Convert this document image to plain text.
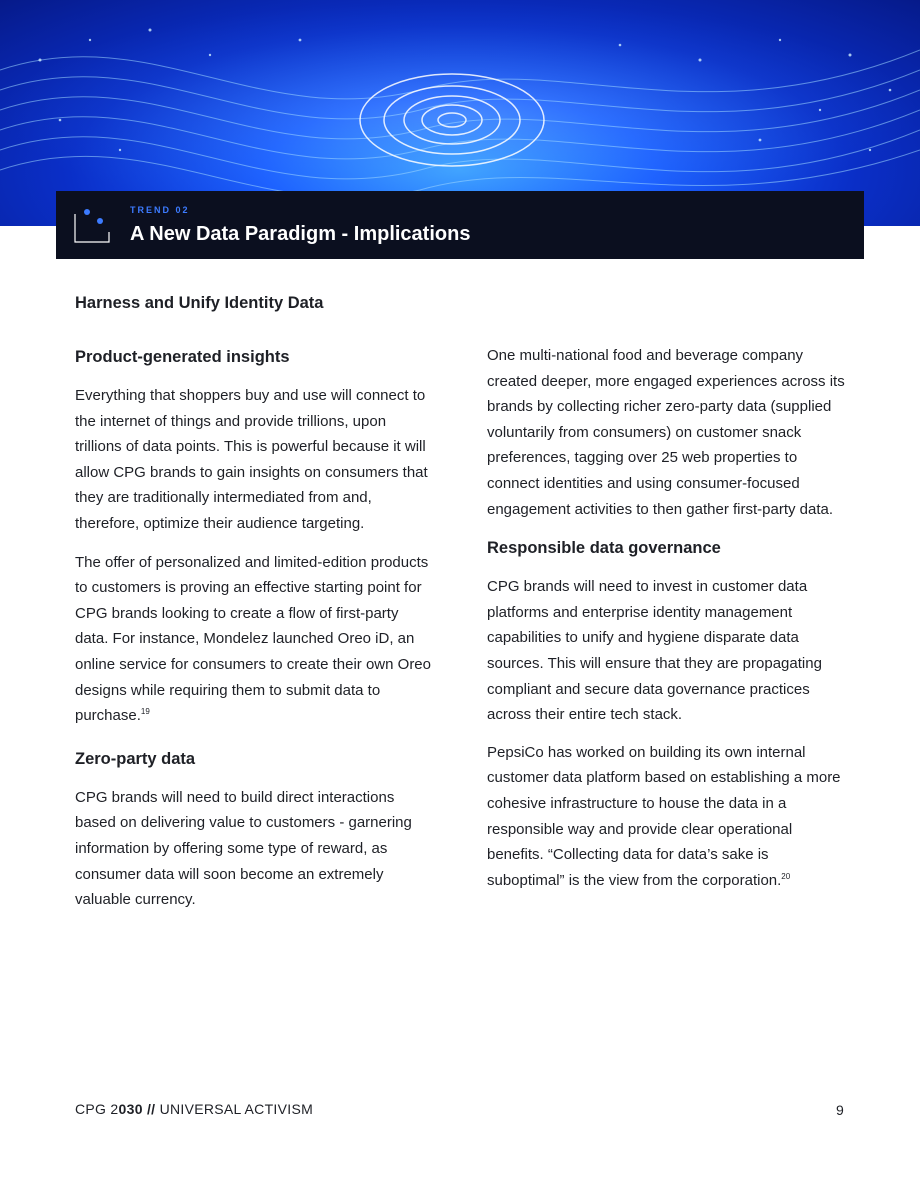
TREND 02
A New Data Paradigm - Implications
Harness and Unify Identity Data
Product-generated insights

Everything that shoppers buy and use will connect to the internet of things and provide trillions, upon trillions of data points. This is powerful because it will allow CPG brands to gain insights on consumers that they are traditionally intermediated from and, therefore, optimize their audience targeting.

The offer of personalized and limited-edition products to customers is proving an effective starting point for CPG brands looking to create a flow of first-party data. For instance, Mondelez launched Oreo iD, an online service for consumers to create their own Oreo designs while requiring them to submit data to purchase.$^{19}$

Zero-party data

CPG brands will need to build direct interactions based on delivering value to customers - garnering information by offering some type of reward, as consumer data will soon become an extremely valuable currency.

One multi-national food and beverage company created deeper, more engaged experiences across its brands by collecting richer zero-party data (supplied voluntarily from consumers) on customer snack preferences, tagging over 25 web properties to connect identities and using consumer-focused engagement activities to then gather first-party data.

Responsible data governance

CPG brands will need to invest in customer data platforms and enterprise identity management capabilities to unify and hygiene disparate data sources. This will ensure that they are propagating compliant and secure data governance practices across their entire tech stack.

PepsiCo has worked on building its own internal customer data platform based on establishing a more cohesive infrastructure to house the data in a responsible way and provide clear operational benefits. “Collecting data for data’s sake is suboptimal” is the view from the corporation.$^{20}$

CPG 2030 // UNIVERSAL ACTIVISM	9
